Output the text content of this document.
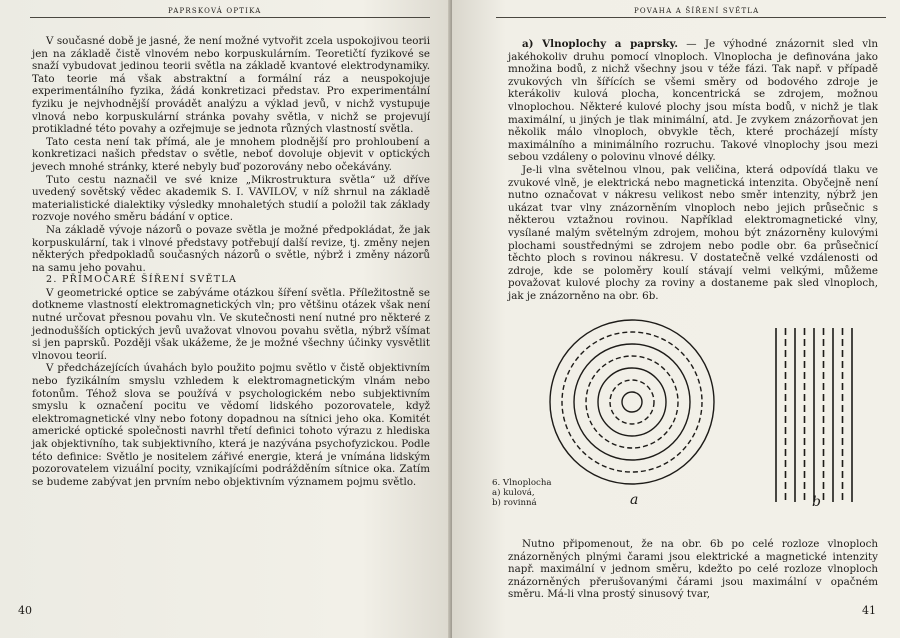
PAPRSKOVÁ OPTIKA

V současné době je jasné, že není možné vytvořit zcela uspokojivou teorii jen na základě čistě vlnovém nebo korpuskulárním. Teoretičtí fyzikové se snaží vybudovat jedinou teorii světla na základě kvantové elektrodynamiky. Tato teorie má však abstraktní a formální ráz a neuspokojuje experimentálního fyzika, žádá konkretizaci představ. Pro experimentální fyziku je nejvhodnější provádět analýzu a výklad jevů, v nichž vystupuje vlnová nebo korpuskulární stránka povahy světla, v nichž se projevují protikladné této povahy a ozřejmuje se jednota různých vlastností světla.

Tato cesta není tak přímá, ale je mnohem plodnější pro prohloubení a konkretizaci našich představ o světle, neboť dovoluje objevit v optických jevech mnohé stránky, které nebyly buď pozorovány nebo očekávány.

Tuto cestu naznačil ve své knize „Mikrostruktura světla“ už dříve uvedený sovětský vědec akademik S. I. VAVILOV, v níž shrnul na základě materialistické dialektiky výsledky mnohaletých studií a položil tak základy rozvoje nového směru bádání v optice.

Na základě vývoje názorů o povaze světla je možné předpokládat, že jak korpuskulární, tak i vlnové představy potřebují další revize, tj. změny nejen některých předpokladů současných názorů o světle, nýbrž i změny názorů na samu jeho povahu.

2. PŘÍMOČARÉ ŠÍŘENÍ SVĚTLA

V geometrické optice se zabýváme otázkou šíření světla. Příležitostně se dotkneme vlastností elektromagnetických vln; pro většinu otázek však není nutné určovat přesnou povahu vln. Ve skutečnosti není nutné pro některé z jednodušších optických jevů uvažovat vlnovou povahu světla, nýbrž všímat si jen paprsků. Později však ukážeme, že je možné všechny účinky vysvětlit vlnovou teorií.

V předcházejících úvahách bylo použito pojmu světlo v čistě objektivním nebo fyzikálním smyslu vzhledem k elektromagnetickým vlnám nebo fotonům. Téhož slova se používá v psychologickém nebo subjektivním smyslu k označení pocitu ve vědomí lidského pozorovatele, když elektromagnetické vlny nebo fotony dopadnou na sítnici jeho oka. Komitét americké optické společnosti navrhl třetí definici tohoto výrazu z hlediska jak objektivního, tak subjektivního, která je nazývána psychofyzickou. Podle této definice: Světlo je nositelem zářivé energie, která je vnímána lidským pozorovatelem vizuální pocity, vznikajícími podrážděním sítnice oka. Zatím se budeme zabývat jen prvním nebo objektivním významem pojmu světlo.

40
POVAHA A ŠÍŘENÍ SVĚTLA

a) Vlnoplochy a paprsky. — Je výhodné znázornit sled vln jakéhokoliv druhu pomocí vlnoploch. Vlnoplocha je definována jako množina bodů, z nichž všechny jsou v téže fázi. Tak např. v případě zvukových vln šířících se všemi směry od bodového zdroje je kterákoliv kulová plocha, koncentrická se zdrojem, možnou vlnoplochou. Některé kulové plochy jsou místa bodů, v nichž je tlak maximální, u jiných je tlak minimální, atd. Je zvykem znázorňovat jen několik málo vlnoploch, obvykle těch, které procházejí místy maximálního a minimálního rozruchu. Takové vlnoplochy jsou mezi sebou vzdáleny o polovinu vlnové délky.

Je-li vlna světelnou vlnou, pak veličina, která odpovídá tlaku ve zvukové vlně, je elektrická nebo magnetická intenzita. Obyčejně není nutno označovat v nákresu velikost nebo směr intenzity, nýbrž jen ukázat tvar vlny znázorněním vlnoploch nebo jejich průsečnic s některou vztažnou rovinou. Například elektromagnetické vlny, vysílané malým světelným zdrojem, mohou být znázorněny kulovými plochami soustřednými se zdrojem nebo podle obr. 6a průsečnicí těchto ploch s rovinou nákresu. V dostatečně velké vzdálenosti od zdroje, kde se poloměry koulí stávají velmi velkými, můžeme považovat kulové plochy za roviny a dostaneme pak sled vlnoploch, jak je znázorněno na obr. 6b.

6. Vlnoplocha
a) kulová,
b) rovinná	a	b

Nutno připomenout, že na obr. 6b po celé rozloze vlnoploch znázorněných plnými čarami jsou elektrické a magnetické intenzity např. maximální v jednom směru, kdežto po celé rozloze vlnoploch znázorněných přerušovanými čárami jsou maximální v opačném směru. Má-li vlna prostý sinusový tvar,

41
